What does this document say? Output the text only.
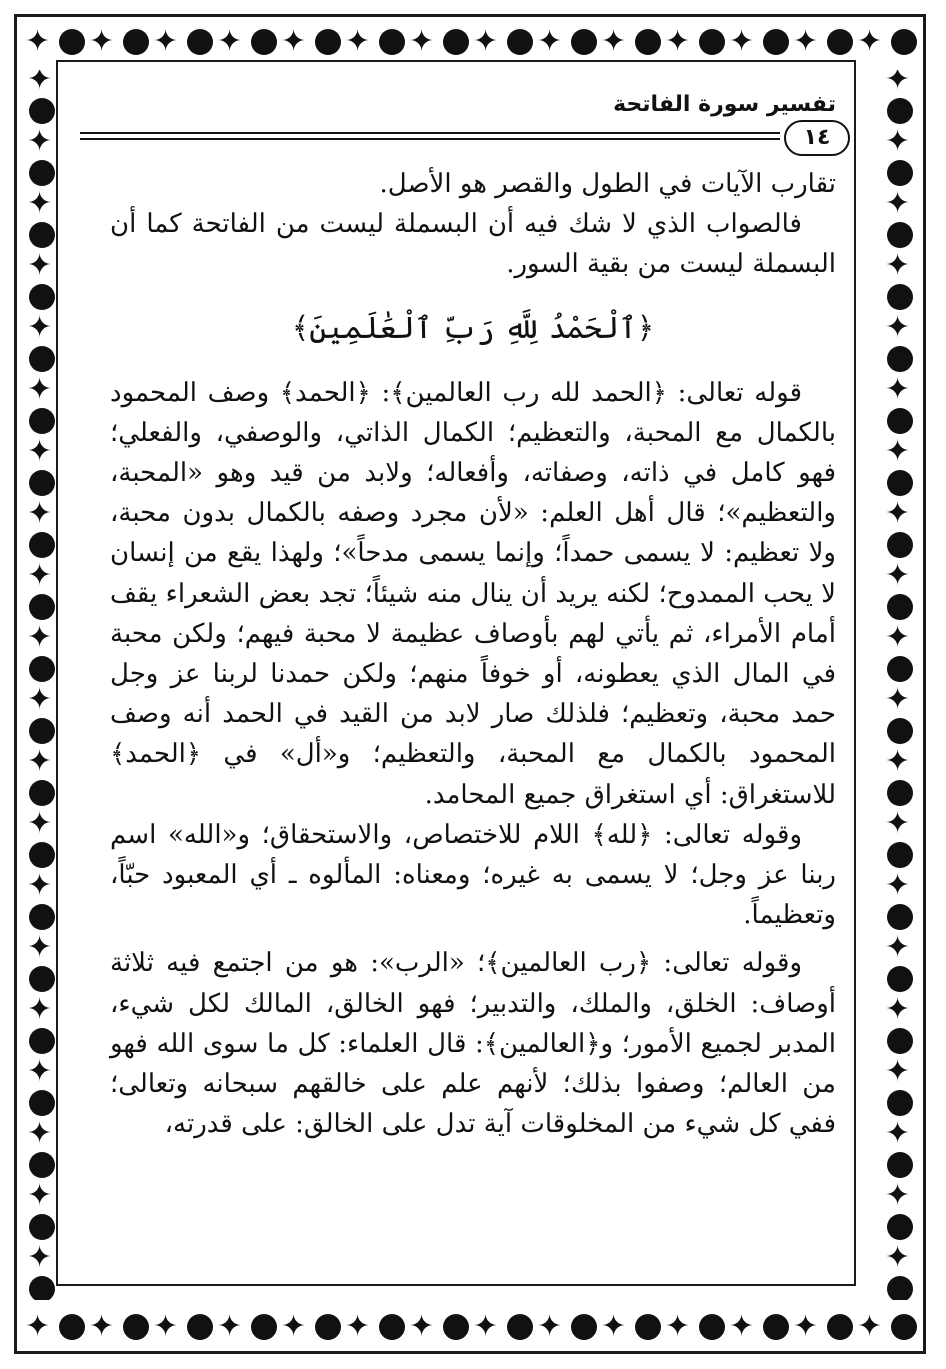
تفسير سورة الفاتحة
١٤

تقارب الآيات في الطول والقصر هو الأصل.

فالصواب الذي لا شك فيه أن البسملة ليست من الفاتحة كما أن البسملة ليست من بقية السور.

﴿ٱلْحَمْدُ لِلَّهِ رَبِّ ٱلْعَٰلَمِينَ﴾

قوله تعالى: ﴿الحمد لله رب العالمين﴾: ﴿الحمد﴾ وصف المحمود بالكمال مع المحبة، والتعظيم؛ الكمال الذاتي، والوصفي، والفعلي؛ فهو كامل في ذاته، وصفاته، وأفعاله؛ ولابد من قيد وهو «المحبة، والتعظيم»؛ قال أهل العلم: «لأن مجرد وصفه بالكمال بدون محبة، ولا تعظيم: لا يسمى حمداً؛ وإنما يسمى مدحاً»؛ ولهذا يقع من إنسان لا يحب الممدوح؛ لكنه يريد أن ينال منه شيئاً؛ تجد بعض الشعراء يقف أمام الأمراء، ثم يأتي لهم بأوصاف عظيمة لا محبة فيهم؛ ولكن محبة في المال الذي يعطونه، أو خوفاً منهم؛ ولكن حمدنا لربنا عز وجل حمد محبة، وتعظيم؛ فلذلك صار لابد من القيد في الحمد أنه وصف المحمود بالكمال مع المحبة، والتعظيم؛ و«أل» في ﴿الحمد﴾ للاستغراق: أي استغراق جميع المحامد.

وقوله تعالى: ﴿لله﴾ اللام للاختصاص، والاستحقاق؛ و«الله» اسم ربنا عز وجل؛ لا يسمى به غيره؛ ومعناه: المألوه ـ أي المعبود حبّاً، وتعظيماً.

وقوله تعالى: ﴿رب العالمين﴾؛ «الرب»: هو من اجتمع فيه ثلاثة أوصاف: الخلق، والملك، والتدبير؛ فهو الخالق، المالك لكل شيء، المدبر لجميع الأمور؛ و﴿العالمين﴾: قال العلماء: كل ما سوى الله فهو من العالم؛ وصفوا بذلك؛ لأنهم علم على خالقهم سبحانه وتعالى؛ ففي كل شيء من المخلوقات آية تدل على الخالق: على قدرته،
